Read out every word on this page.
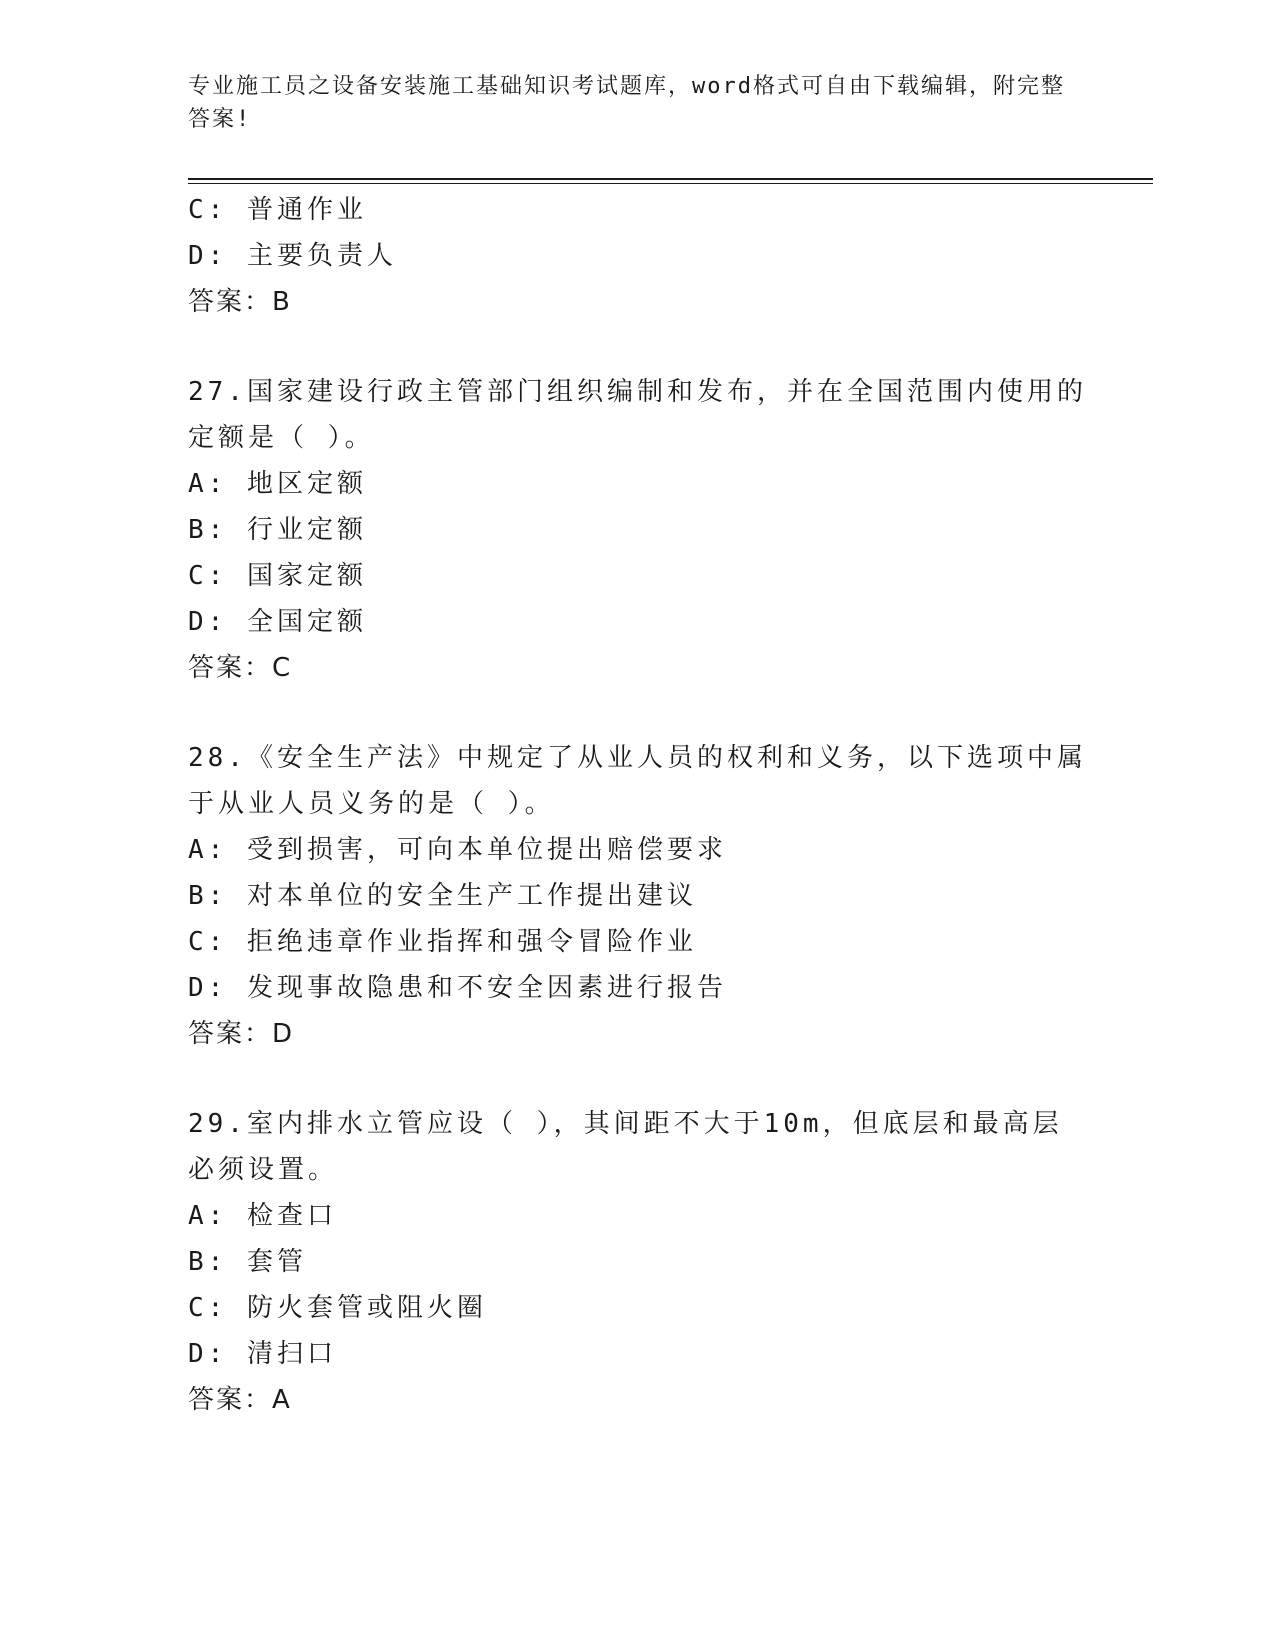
专业施工员之设备安装施工基础知识考试题库，word格式可自由下载编辑，附完整答案!
C: 普通作业
D: 主要负责人
答案：B
27.国家建设行政主管部门组织编制和发布，并在全国范围内使用的定额是（ ）。
A: 地区定额
B: 行业定额
C: 国家定额
D: 全国定额
答案：C
28.《安全生产法》中规定了从业人员的权利和义务，以下选项中属于从业人员义务的是（ ）。
A: 受到损害，可向本单位提出赔偿要求
B: 对本单位的安全生产工作提出建议
C: 拒绝违章作业指挥和强令冒险作业
D: 发现事故隐患和不安全因素进行报告
答案：D
29.室内排水立管应设（ ），其间距不大于10m，但底层和最高层必须设置。
A: 检查口
B: 套管
C: 防火套管或阻火圈
D: 清扫口
答案：A
